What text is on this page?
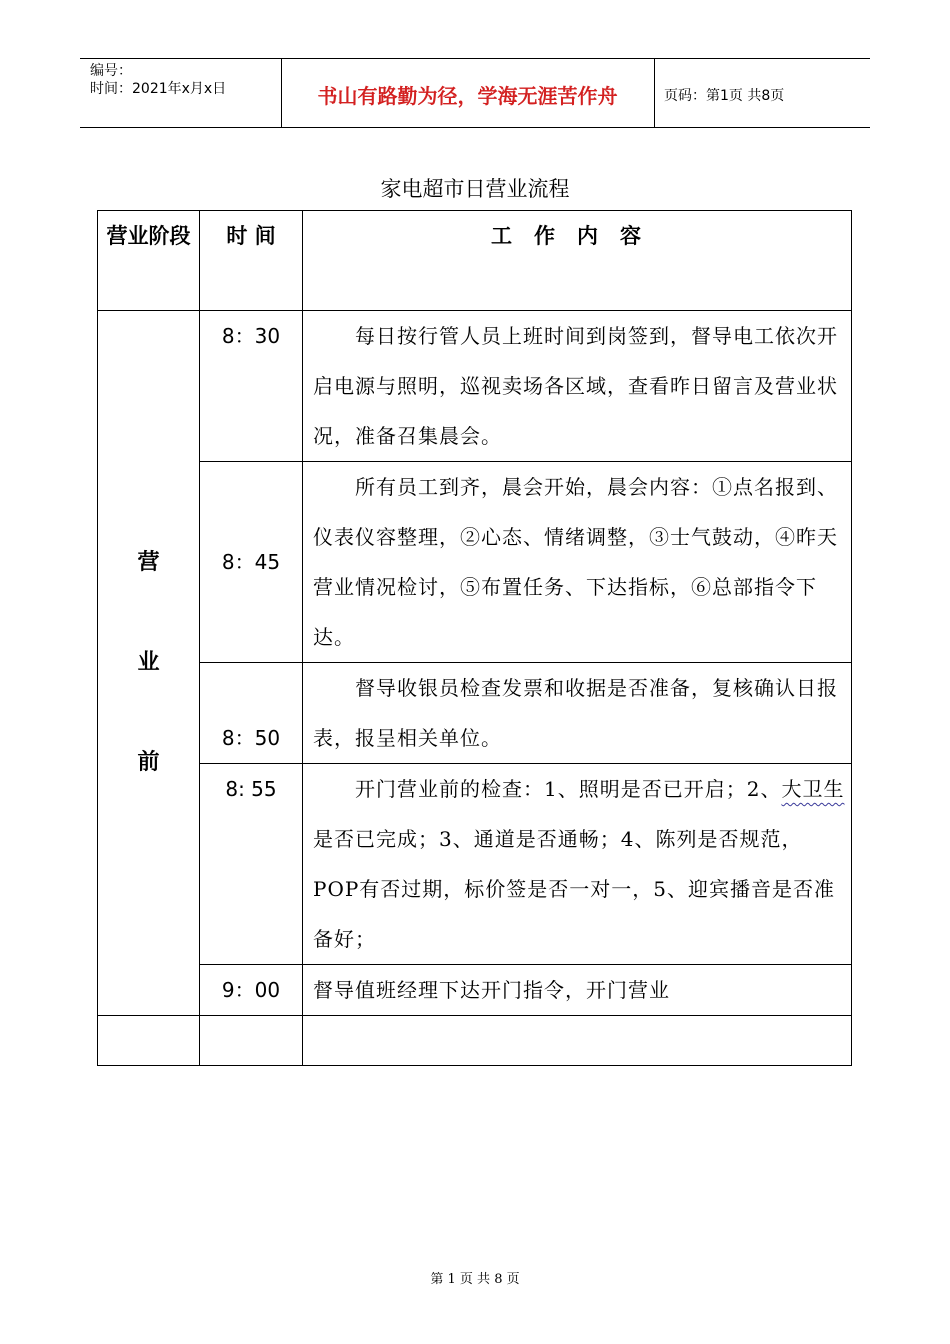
编号：
时间：2021年x月x日	书山有路勤为径，学海无涯苦作舟	页码：第1页 共8页
家电超市日营业流程
营业阶段	时 间	工作内容

营
业
前	8：30	每日按行管人员上班时间到岗签到，督导电工依次开启电源与照明，巡视卖场各区域，查看昨日留言及营业状况，准备召集晨会。
	8：45	所有员工到齐，晨会开始，晨会内容：①点名报到、仪表仪容整理，②心态、情绪调整，③士气鼓动，④昨天营业情况检讨，⑤布置任务、下达指标，⑥总部指令下达。
	8：50	督导收银员检查发票和收据是否准备，复核确认日报表，报呈相关单位。
	8: 55	开门营业前的检查：1、照明是否已开启；2、大卫生是否已完成；3、通道是否通畅；4、陈列是否规范，POP有否过期，标价签是否一对一，5、迎宾播音是否准备好；
	9：00	督导值班经理下达开门指令，开门营业

第 1 页 共 8 页
